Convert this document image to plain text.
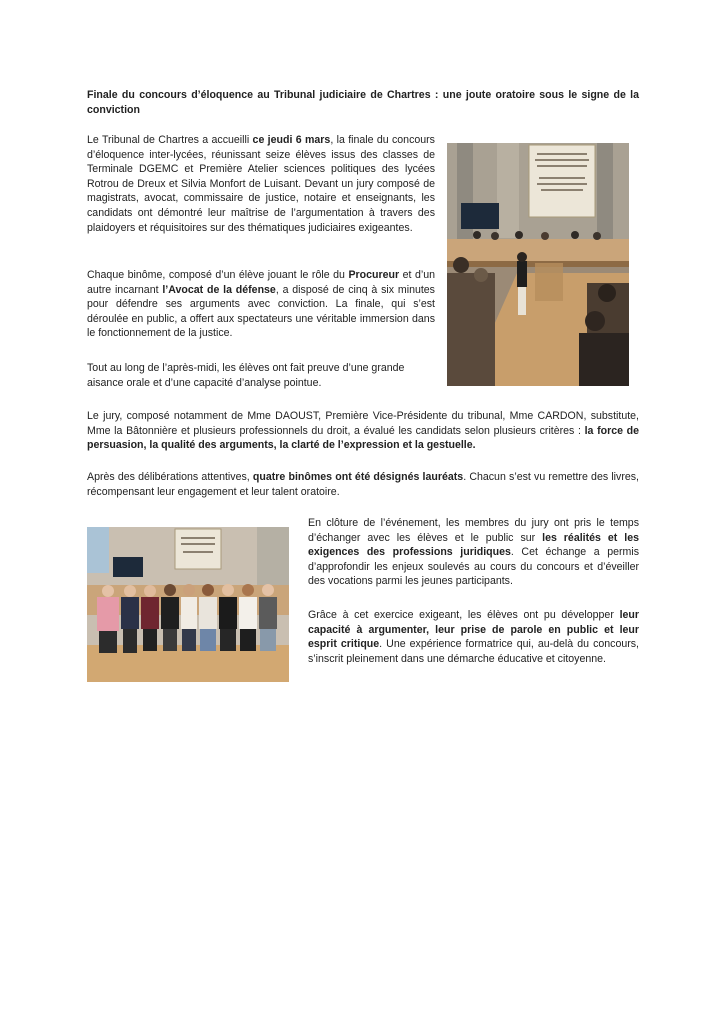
Finale du concours d’éloquence au Tribunal judiciaire de Chartres : une joute oratoire sous le signe de la conviction

Le Tribunal de Chartres a accueilli ce jeudi 6 mars, la finale du concours d’éloquence inter-lycées, réunissant seize élèves issus des classes de Terminale DGEMC et Première Atelier sciences politiques des lycées Rotrou de Dreux et Silvia Monfort de Luisant. Devant un jury composé de magistrats, avocat, commissaire de justice, notaire et enseignants, les candidats ont démontré leur maîtrise de l’argumentation à travers des plaidoyers et réquisitoires sur des thématiques judiciaires exigeantes.

Chaque binôme, composé d’un élève jouant le rôle du Procureur et d’un autre incarnant l’Avocat de la défense, a disposé de cinq à six minutes pour défendre ses arguments avec conviction. La finale, qui s’est déroulée en public, a offert aux spectateurs une véritable immersion dans le fonctionnement de la justice.

Tout au long de l’après-midi, les élèves ont fait preuve d’une grande aisance orale et d’une capacité d’analyse pointue.

Le jury, composé notamment de Mme DAOUST, Première Vice-Présidente du tribunal, Mme CARDON, substitute, Mme la Bâtonnière et plusieurs professionnels du droit, a évalué les candidats selon plusieurs critères : la force de persuasion, la qualité des arguments, la clarté de l’expression et la gestuelle.

Après des délibérations attentives, quatre binômes ont été désignés lauréats. Chacun s’est vu remettre des livres, récompensant leur engagement et leur talent oratoire.

En clôture de l’événement, les membres du jury ont pris le temps d’échanger avec les élèves et le public sur les réalités et les exigences des professions juridiques. Cet échange a permis d’approfondir les enjeux soulevés au cours du concours et d’éveiller des vocations parmi les jeunes participants.

Grâce à cet exercice exigeant, les élèves ont pu développer leur capacité à argumenter, leur prise de parole en public et leur esprit critique. Une expérience formatrice qui, au-delà du concours, s’inscrit pleinement dans une démarche éducative et citoyenne.
